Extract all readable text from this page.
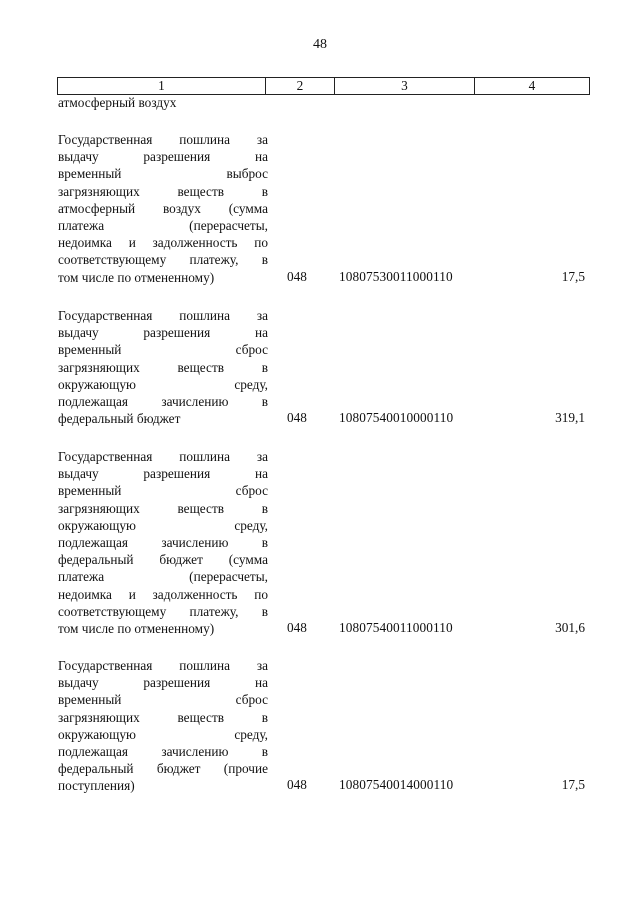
48
1	2	3	4
атмосферный воздух
Государственная пошлина за
выдачу разрешения на
временный выброс
загрязняющих веществ в
атмосферный воздух (сумма
платежа (перерасчеты,
недоимка и задолженность по
соответствующему платежу, в
том числе по отмененному)	048	10807530011000110	17,5
Государственная пошлина за
выдачу разрешения на
временный сброс
загрязняющих веществ в
окружающую среду,
подлежащая зачислению в
федеральный бюджет	048	10807540010000110	319,1
Государственная пошлина за
выдачу разрешения на
временный сброс
загрязняющих веществ в
окружающую среду,
подлежащая зачислению в
федеральный бюджет (сумма
платежа (перерасчеты,
недоимка и задолженность по
соответствующему платежу, в
том числе по отмененному)	048	10807540011000110	301,6
Государственная пошлина за
выдачу разрешения на
временный сброс
загрязняющих веществ в
окружающую среду,
подлежащая зачислению в
федеральный бюджет (прочие
поступления)	048	10807540014000110	17,5
